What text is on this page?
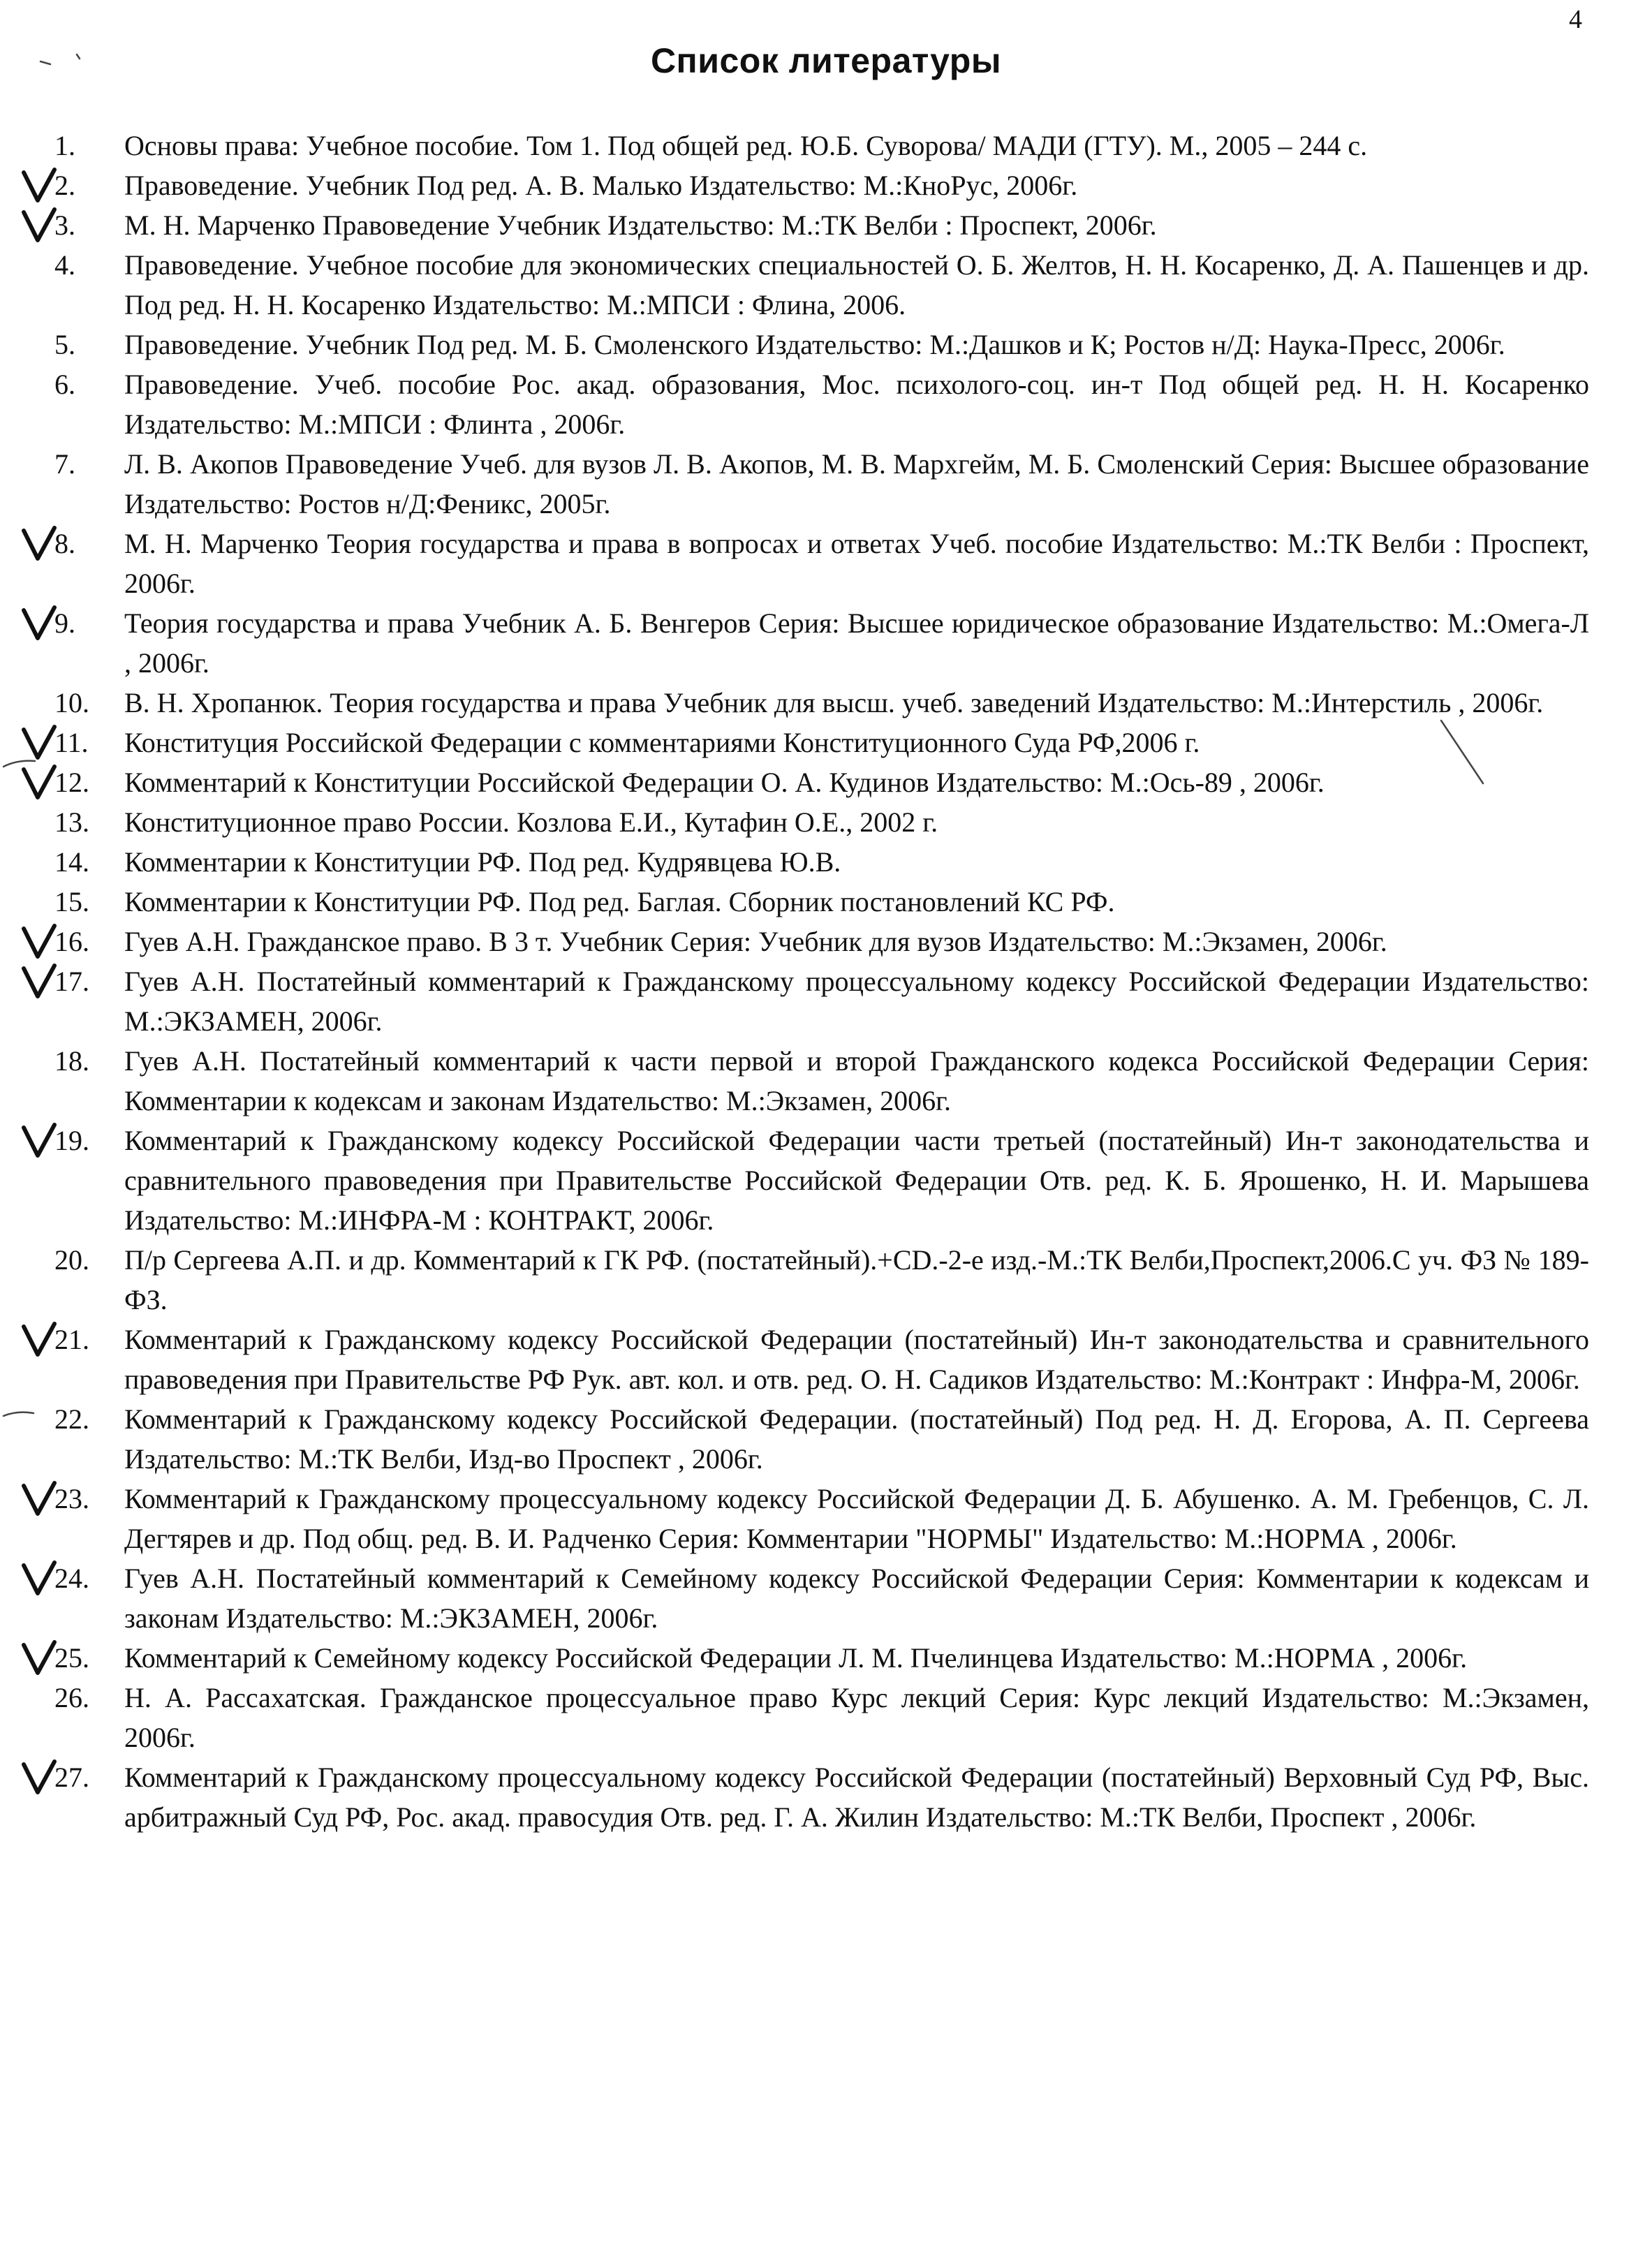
4
Список литературы
1.	Основы права: Учебное пособие. Том 1. Под общей ред. Ю.Б. Суворова/ МАДИ (ГТУ). М., 2005 – 244 с.
2.	Правоведение. Учебник Под ред. А. В. Малько Издательство: М.:КноРус, 2006г.
3.	М. Н. Марченко Правоведение Учебник Издательство: М.:ТК Велби : Проспект, 2006г.
4.	Правоведение. Учебное пособие для экономических специальностей О. Б. Желтов, Н. Н. Косаренко, Д. А. Пашенцев и др. Под ред. Н. Н. Косаренко Издательство: М.:МПСИ : Флина, 2006.
5.	Правоведение. Учебник Под ред. М. Б. Смоленского Издательство: М.:Дашков и К; Ростов н/Д: Наука-Пресс, 2006г.
6.	Правоведение. Учеб. пособие Рос. акад. образования, Мос. психолого-соц. ин-т Под общей ред. Н. Н. Косаренко Издательство: М.:МПСИ : Флинта , 2006г.
7.	Л. В. Акопов Правоведение Учеб. для вузов Л. В. Акопов, М. В. Мархгейм, М. Б. Смоленский Серия: Высшее образование Издательство: Ростов н/Д:Феникс, 2005г.
8.	М. Н. Марченко Теория государства и права в вопросах и ответах Учеб. пособие Издательство: М.:ТК Велби : Проспект, 2006г.
9.	Теория государства и права Учебник А. Б. Венгеров Серия: Высшее юридическое образование Издательство: М.:Омега-Л , 2006г.
10.	В. Н. Хропанюк. Теория государства и права Учебник для высш. учеб. заведений Издательство: М.:Интерстиль , 2006г.
11.	Конституция Российской Федерации с комментариями Конституционного Суда РФ,2006 г.
12.	Комментарий к Конституции Российской Федерации О. А. Кудинов Издательство: М.:Ось-89 , 2006г.
13.	Конституционное право России. Козлова Е.И., Кутафин О.Е., 2002 г.
14.	Комментарии к Конституции РФ. Под ред. Кудрявцева Ю.В.
15.	Комментарии к Конституции РФ. Под ред. Баглая. Сборник постановлений КС РФ.
16.	Гуев А.Н. Гражданское право. В 3 т. Учебник Серия: Учебник для вузов Издательство: М.:Экзамен, 2006г.
17.	Гуев А.Н. Постатейный комментарий к Гражданскому процессуальному кодексу Российской Федерации Издательство: М.:ЭКЗАМЕН, 2006г.
18.	Гуев А.Н. Постатейный комментарий к части первой и второй Гражданского кодекса Российской Федерации Серия: Комментарии к кодексам и законам Издательство: М.:Экзамен, 2006г.
19.	Комментарий к Гражданскому кодексу Российской Федерации части третьей (постатейный) Ин-т законодательства и сравнительного правоведения при Правительстве Российской Федерации Отв. ред. К. Б. Ярошенко, Н. И. Марышева Издательство: М.:ИНФРА-М : КОНТРАКТ, 2006г.
20.	П/р Сергеева А.П. и др. Комментарий к ГК РФ. (постатейный).+CD.-2-е изд.-М.:ТК Велби,Проспект,2006.С уч. ФЗ № 189-ФЗ.
21.	Комментарий к Гражданскому кодексу Российской Федерации (постатейный) Ин-т законодательства и сравнительного правоведения при Правительстве РФ Рук. авт. кол. и отв. ред. О. Н. Садиков Издательство: М.:Контракт : Инфра-М, 2006г.
22.	Комментарий к Гражданскому кодексу Российской Федерации. (постатейный) Под ред. Н. Д. Егорова, А. П. Сергеева Издательство: М.:ТК Велби, Изд-во Проспект , 2006г.
23.	Комментарий к Гражданскому процессуальному кодексу Российской Федерации Д. Б. Абушенко. А. М. Гребенцов, С. Л. Дегтярев и др. Под общ. ред. В. И. Радченко Серия: Комментарии "НОРМЫ" Издательство: М.:НОРМА , 2006г.
24.	Гуев А.Н. Постатейный комментарий к Семейному кодексу Российской Федерации Серия: Комментарии к кодексам и законам Издательство: М.:ЭКЗАМЕН, 2006г.
25.	Комментарий к Семейному кодексу Российской Федерации Л. М. Пчелинцева Издательство: М.:НОРМА , 2006г.
26.	Н. А. Рассахатская. Гражданское процессуальное право Курс лекций Серия: Курс лекций Издательство: М.:Экзамен, 2006г.
27.	Комментарий к Гражданскому процессуальному кодексу Российской Федерации (постатейный) Верховный Суд РФ, Выс. арбитражный Суд РФ, Рос. акад. правосудия Отв. ред. Г. А. Жилин Издательство: М.:ТК Велби, Проспект , 2006г.
